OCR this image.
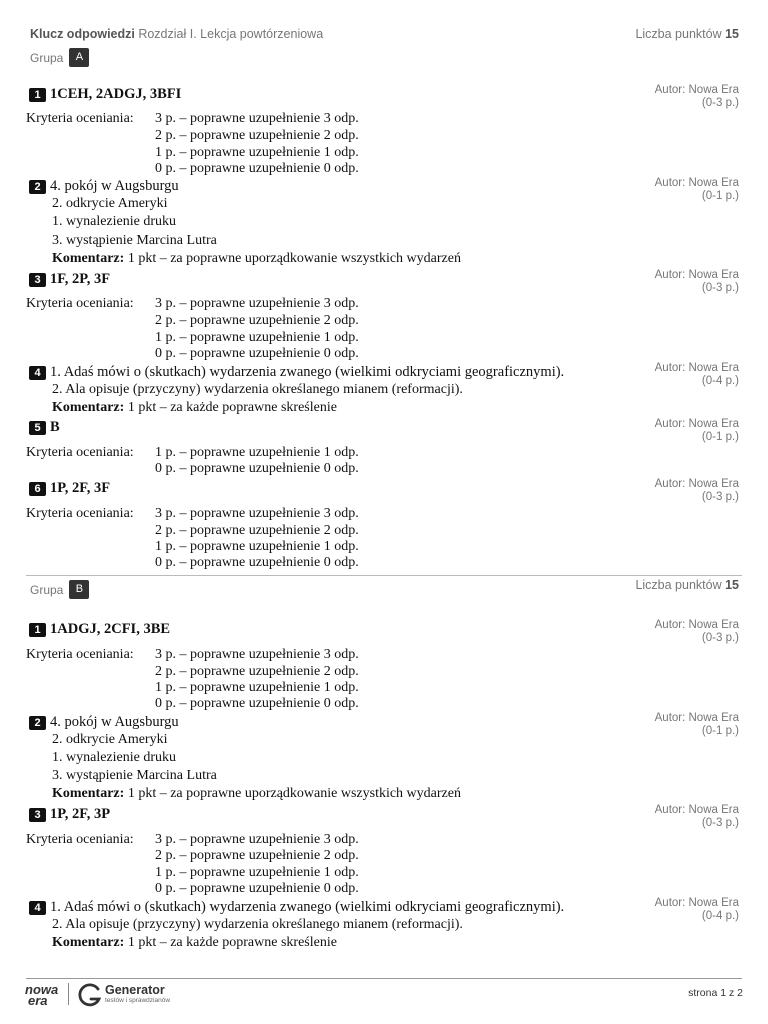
Klucz odpowiedzi Rozdział I. Lekcja powtórzeniowa	Liczba punktów 15
Grupa	A
1 1CEH, 2ADGJ, 3BFI	Autor: Nowa Era
(0-3 p.)
Kryteria oceniania: 3 p. – poprawne uzupełnienie 3 odp.
2 p. – poprawne uzupełnienie 2 odp.
1 p. – poprawne uzupełnienie 1 odp.
0 p. – poprawne uzupełnienie 0 odp.
2 4. pokój w Augsburgu	Autor: Nowa Era
(0-1 p.)
2. odkrycie Ameryki
1. wynalezienie druku
3. wystąpienie Marcina Lutra
Komentarz: 1 pkt – za poprawne uporządkowanie wszystkich wydarzeń
3 1F, 2P, 3F	Autor: Nowa Era
(0-3 p.)
Kryteria oceniania: 3 p. – poprawne uzupełnienie 3 odp.
2 p. – poprawne uzupełnienie 2 odp.
1 p. – poprawne uzupełnienie 1 odp.
0 p. – poprawne uzupełnienie 0 odp.
4 1. Adaś mówi o (skutkach) wydarzenia zwanego (wielkimi odkryciami geograficznymi).	Autor: Nowa Era
(0-4 p.)
2. Ala opisuje (przyczyny) wydarzenia określanego mianem (reformacji).
Komentarz: 1 pkt – za każde poprawne skreślenie
5 B	Autor: Nowa Era
(0-1 p.)
Kryteria oceniania: 1 p. – poprawne uzupełnienie 1 odp.
0 p. – poprawne uzupełnienie 0 odp.
6 1P, 2F, 3F	Autor: Nowa Era
(0-3 p.)
Kryteria oceniania: 3 p. – poprawne uzupełnienie 3 odp.
2 p. – poprawne uzupełnienie 2 odp.
1 p. – poprawne uzupełnienie 1 odp.
0 p. – poprawne uzupełnienie 0 odp.
Grupa	B	Liczba punktów 15
1 1ADGJ, 2CFI, 3BE	Autor: Nowa Era
(0-3 p.)
Kryteria oceniania: 3 p. – poprawne uzupełnienie 3 odp.
2 p. – poprawne uzupełnienie 2 odp.
1 p. – poprawne uzupełnienie 1 odp.
0 p. – poprawne uzupełnienie 0 odp.
2 4. pokój w Augsburgu	Autor: Nowa Era
(0-1 p.)
2. odkrycie Ameryki
1. wynalezienie druku
3. wystąpienie Marcina Lutra
Komentarz: 1 pkt – za poprawne uporządkowanie wszystkich wydarzeń
3 1P, 2F, 3P	Autor: Nowa Era
(0-3 p.)
Kryteria oceniania: 3 p. – poprawne uzupełnienie 3 odp.
2 p. – poprawne uzupełnienie 2 odp.
1 p. – poprawne uzupełnienie 1 odp.
0 p. – poprawne uzupełnienie 0 odp.
4 1. Adaś mówi o (skutkach) wydarzenia zwanego (wielkimi odkryciami geograficznymi).	Autor: Nowa Era
(0-4 p.)
2. Ala opisuje (przyczyny) wydarzenia określanego mianem (reformacji).
Komentarz: 1 pkt – za każde poprawne skreślenie
nowa
era
Generator
testów i sprawdzianów
strona 1 z 2
